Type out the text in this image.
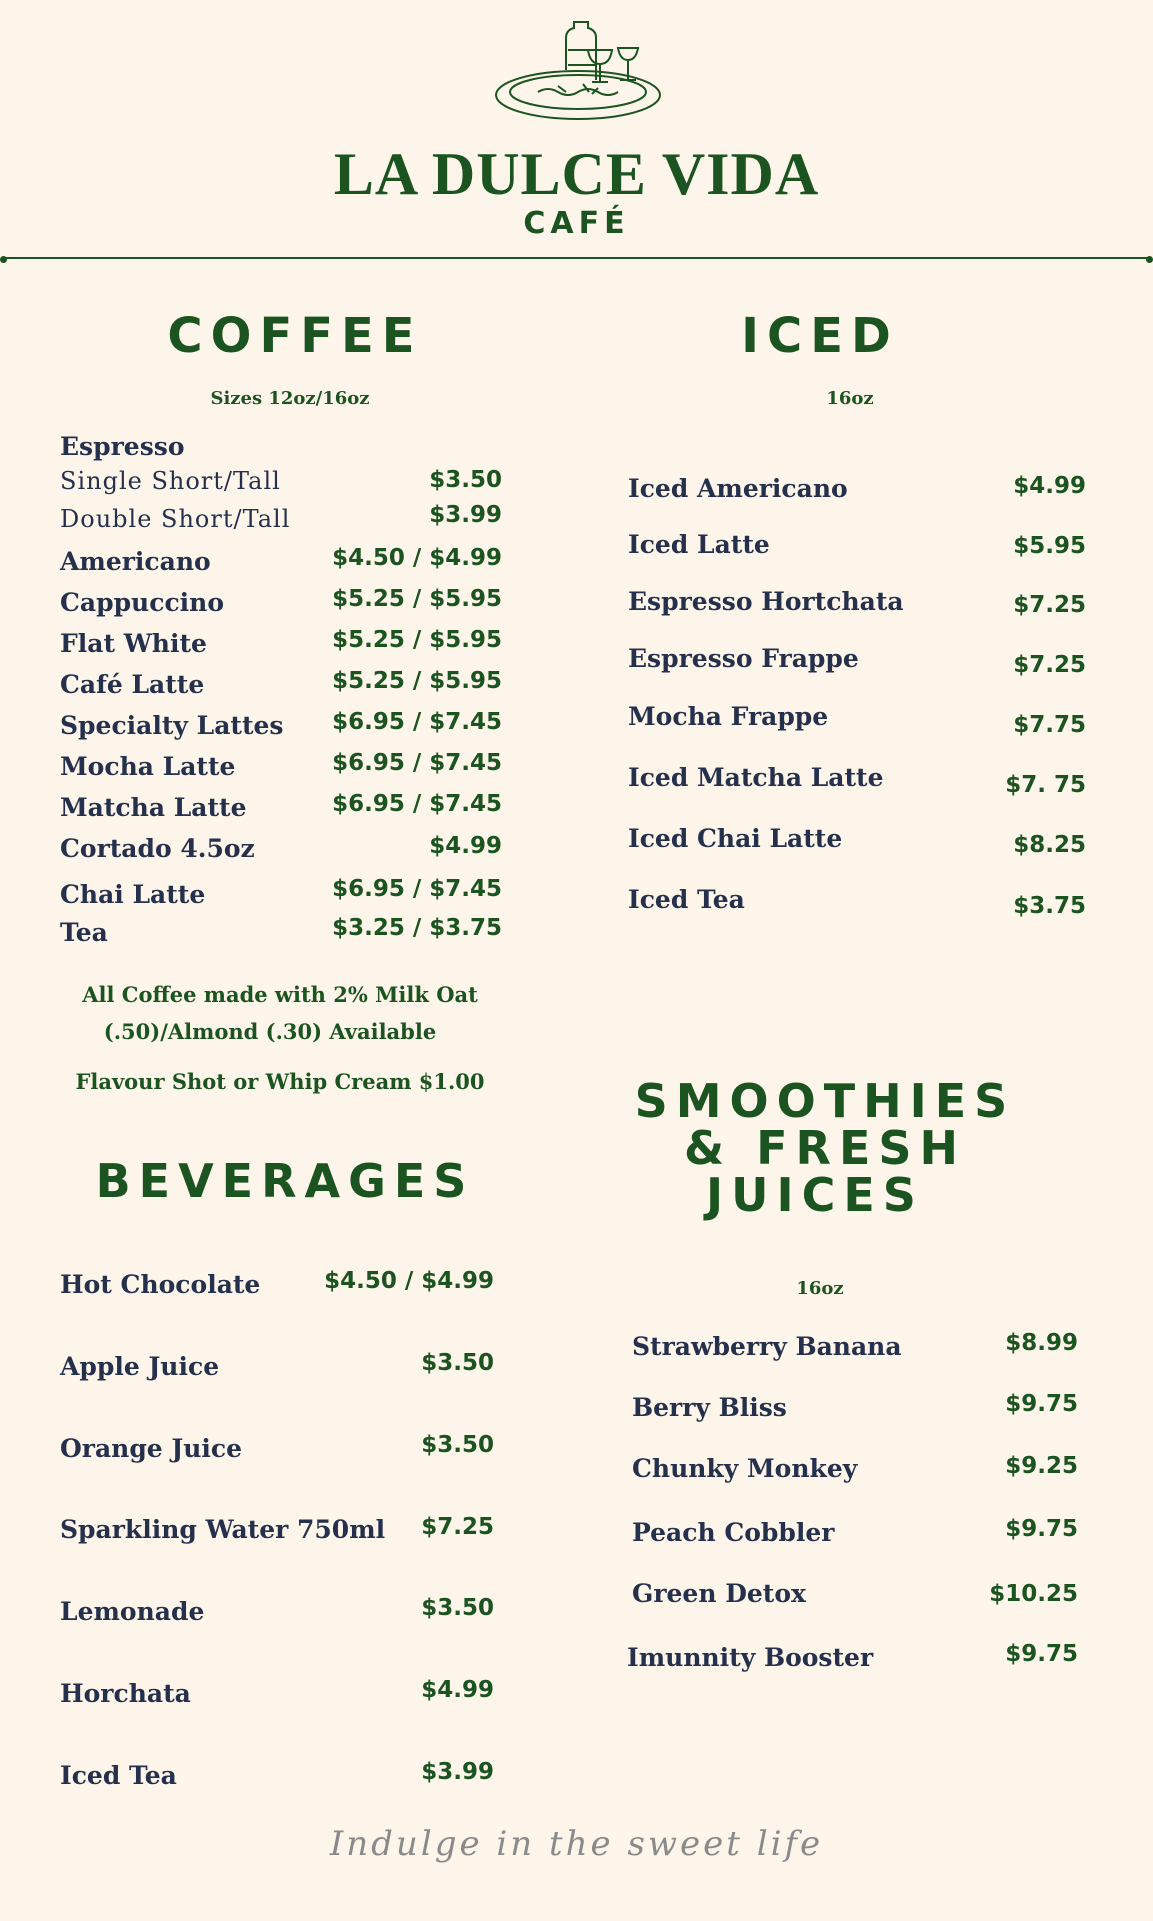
LA DULCE VIDA
CAFÉ
COFFEE
Sizes 12oz/16oz
Espresso
Single Short/Tall	$3.50
Double Short/Tall	$3.99
Americano	$4.50 / $4.99
Cappuccino	$5.25 / $5.95
Flat White	$5.25 / $5.95
Café Latte	$5.25 / $5.95
Specialty Lattes $6.95 / $7.45
Mocha Latte	$6.95 / $7.45
Matcha Latte	$6.95 / $7.45
Cortado 4.5oz	$4.99
Chai Latte	$6.95 / $7.45
Tea	$3.25 / $3.75
All Coffee made with 2% Milk Oat
(.50)/Almond (.30) Available
Flavour Shot or Whip Cream $1.00
ICED
16oz
Iced Americano	$4.99
Iced Latte	$5.95
Espresso Hortchata	$7.25
Espresso Frappe	$7.25
Mocha Frappe	$7.75
Iced Matcha Latte	$7. 75
Iced Chai Latte	$8.25
Iced Tea	$3.75
BEVERAGES
Hot Chocolate	$4.50 / $4.99
Apple Juice	$3.50
Orange Juice	$3.50
Sparkling Water 750ml $7.25
Lemonade	$3.50
Horchata	$4.99
Iced Tea	$3.99
SMOOTHIES
& FRESH
JUICES
16oz
Strawberry Banana	$8.99
Berry Bliss	$9.75
Chunky Monkey	$9.25
Peach Cobbler	$9.75
Green Detox	$10.25
Imunnity Booster	$9.75
Indulge in the sweet life
